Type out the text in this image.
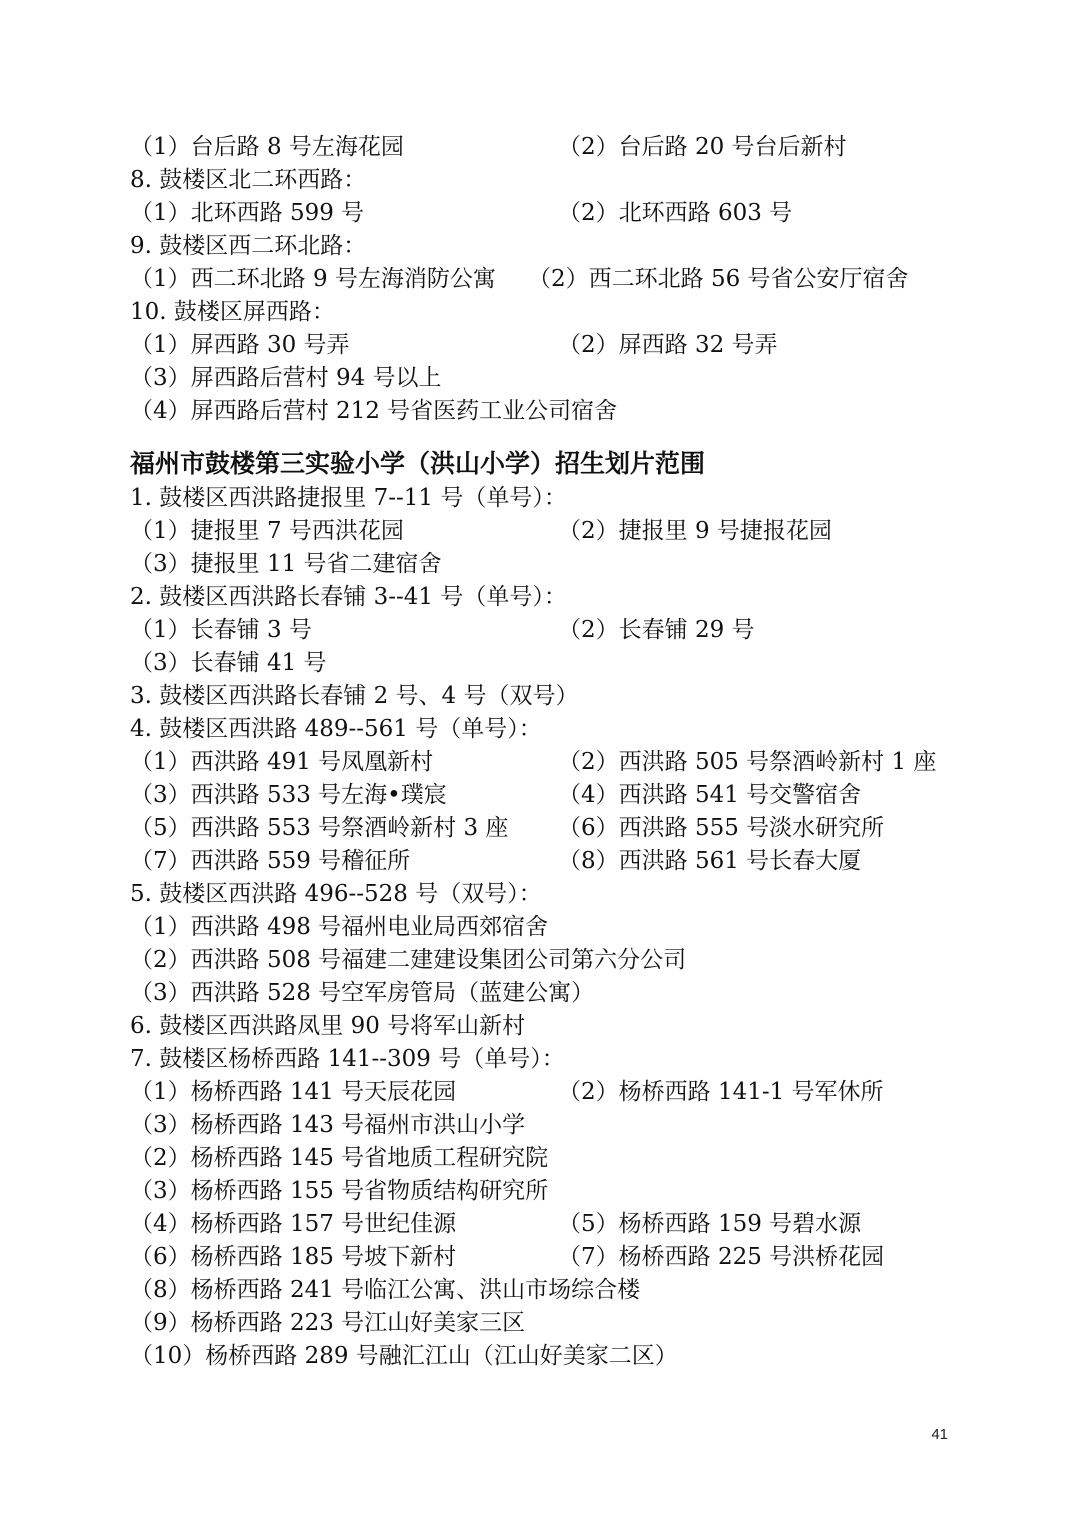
（1）台后路 8 号左海花园	（2）台后路 20 号台后新村
8. 鼓楼区北二环西路：
（1）北环西路 599 号	（2）北环西路 603 号
9. 鼓楼区西二环北路：
（1）西二环北路 9 号左海消防公寓 （2）西二环北路 56 号省公安厅宿舍
10. 鼓楼区屏西路：
（1）屏西路 30 号弄	（2）屏西路 32 号弄
（3）屏西路后营村 94 号以上
（4）屏西路后营村 212 号省医药工业公司宿舍
福州市鼓楼第三实验小学（洪山小学）招生划片范围
1. 鼓楼区西洪路捷报里 7--11 号（单号）：
（1）捷报里 7 号西洪花园	（2）捷报里 9 号捷报花园
（3）捷报里 11 号省二建宿舍
2. 鼓楼区西洪路长春铺 3--41 号（单号）：
（1）长春铺 3 号	（2）长春铺 29 号
（3）长春铺 41 号
3. 鼓楼区西洪路长春铺 2 号、4 号（双号）
4. 鼓楼区西洪路 489--561 号（单号）：
（1）西洪路 491 号凤凰新村	（2）西洪路 505 号祭酒岭新村 1 座
（3）西洪路 533 号左海•璞宸	（4）西洪路 541 号交警宿舍
（5）西洪路 553 号祭酒岭新村 3 座 （6）西洪路 555 号淡水研究所
（7）西洪路 559 号稽征所	（8）西洪路 561 号长春大厦
5. 鼓楼区西洪路 496--528 号（双号）：
（1）西洪路 498 号福州电业局西郊宿舍
（2）西洪路 508 号福建二建建设集团公司第六分公司
（3）西洪路 528 号空军房管局（蓝建公寓）
6. 鼓楼区西洪路凤里 90 号将军山新村
7. 鼓楼区杨桥西路 141--309 号（单号）：
（1）杨桥西路 141 号天辰花园	（2）杨桥西路 141-1 号军休所
（3）杨桥西路 143 号福州市洪山小学
（2）杨桥西路 145 号省地质工程研究院
（3）杨桥西路 155 号省物质结构研究所
（4）杨桥西路 157 号世纪佳源	（5）杨桥西路 159 号碧水源
（6）杨桥西路 185 号坡下新村	（7）杨桥西路 225 号洪桥花园
（8）杨桥西路 241 号临江公寓、洪山市场综合楼
（9）杨桥西路 223 号江山好美家三区
（10）杨桥西路 289 号融汇江山（江山好美家二区）
41
